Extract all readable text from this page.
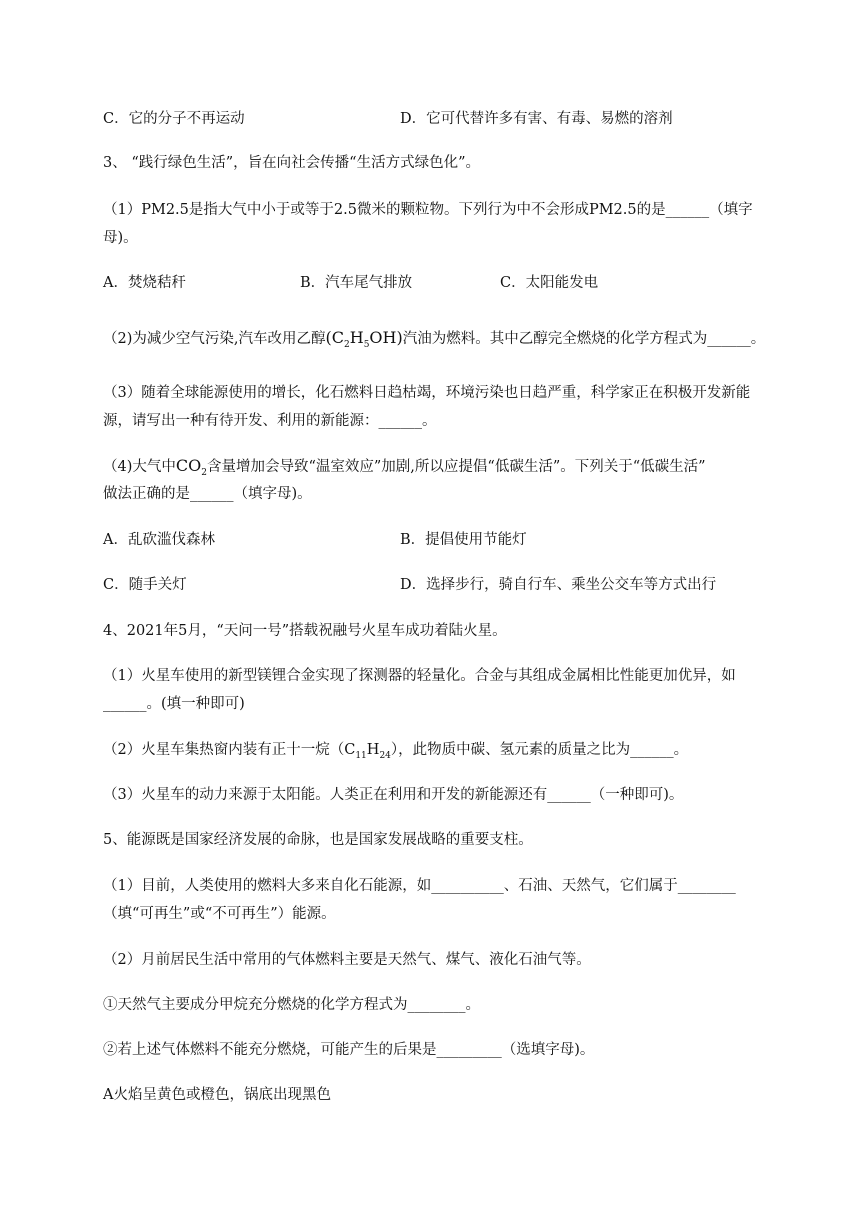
C．它的分子不再运动	D．它可代替许多有害、有毒、易燃的溶剂
3、 “践行绿色生活”，旨在向社会传播“生活方式绿色化”。
（1）PM2.5是指大气中小于或等于2.5微米的颗粒物。下列行为中不会形成PM2.5的是______（填字
母)。
A．焚烧秸秆	B．汽车尾气排放	C．太阳能发电
（2)为减少空气污染,汽车改用乙醇$(C_2H_5OH)$汽油为燃料。其中乙醇完全燃烧的化学方程式为______。
（3）随着全球能源使用的增长，化石燃料日趋枯竭，环境污染也日趋严重，科学家正在积极开发新能
源，请写出一种有待开发、利用的新能源：______。
（4)大气中$CO_2$含量增加会导致“温室效应”加剧,所以应提倡“低碳生活”。下列关于“低碳生活”
做法正确的是______（填字母)。
A．乱砍滥伐森林	B．提倡使用节能灯
C．随手关灯	D．选择步行，骑自行车、乘坐公交车等方式出行
4、2021年5月，“天问一号”搭载祝融号火星车成功着陆火星。
（1）火星车使用的新型镁锂合金实现了探测器的轻量化。合金与其组成金属相比性能更加优异，如
______。(填一种即可)
（2）火星车集热窗内装有正十一烷$(C_{11}H_{24})$，此物质中碳、氢元素的质量之比为______。
（3）火星车的动力来源于太阳能。人类正在利用和开发的新能源还有______（一种即可)。
5、能源既是国家经济发展的命脉，也是国家发展战略的重要支柱。
（1）目前，人类使用的燃料大多来自化石能源，如__________、石油、天然气，它们属于________
（填“可再生”或“不可再生”）能源。
（2）月前居民生活中常用的气体燃料主要是天然气、煤气、液化石油气等。
①天然气主要成分甲烷充分燃烧的化学方程式为________。
②若上述气体燃料不能充分燃烧，可能产生的后果是_________（选填字母)。
A火焰呈黄色或橙色，锅底出现黑色
